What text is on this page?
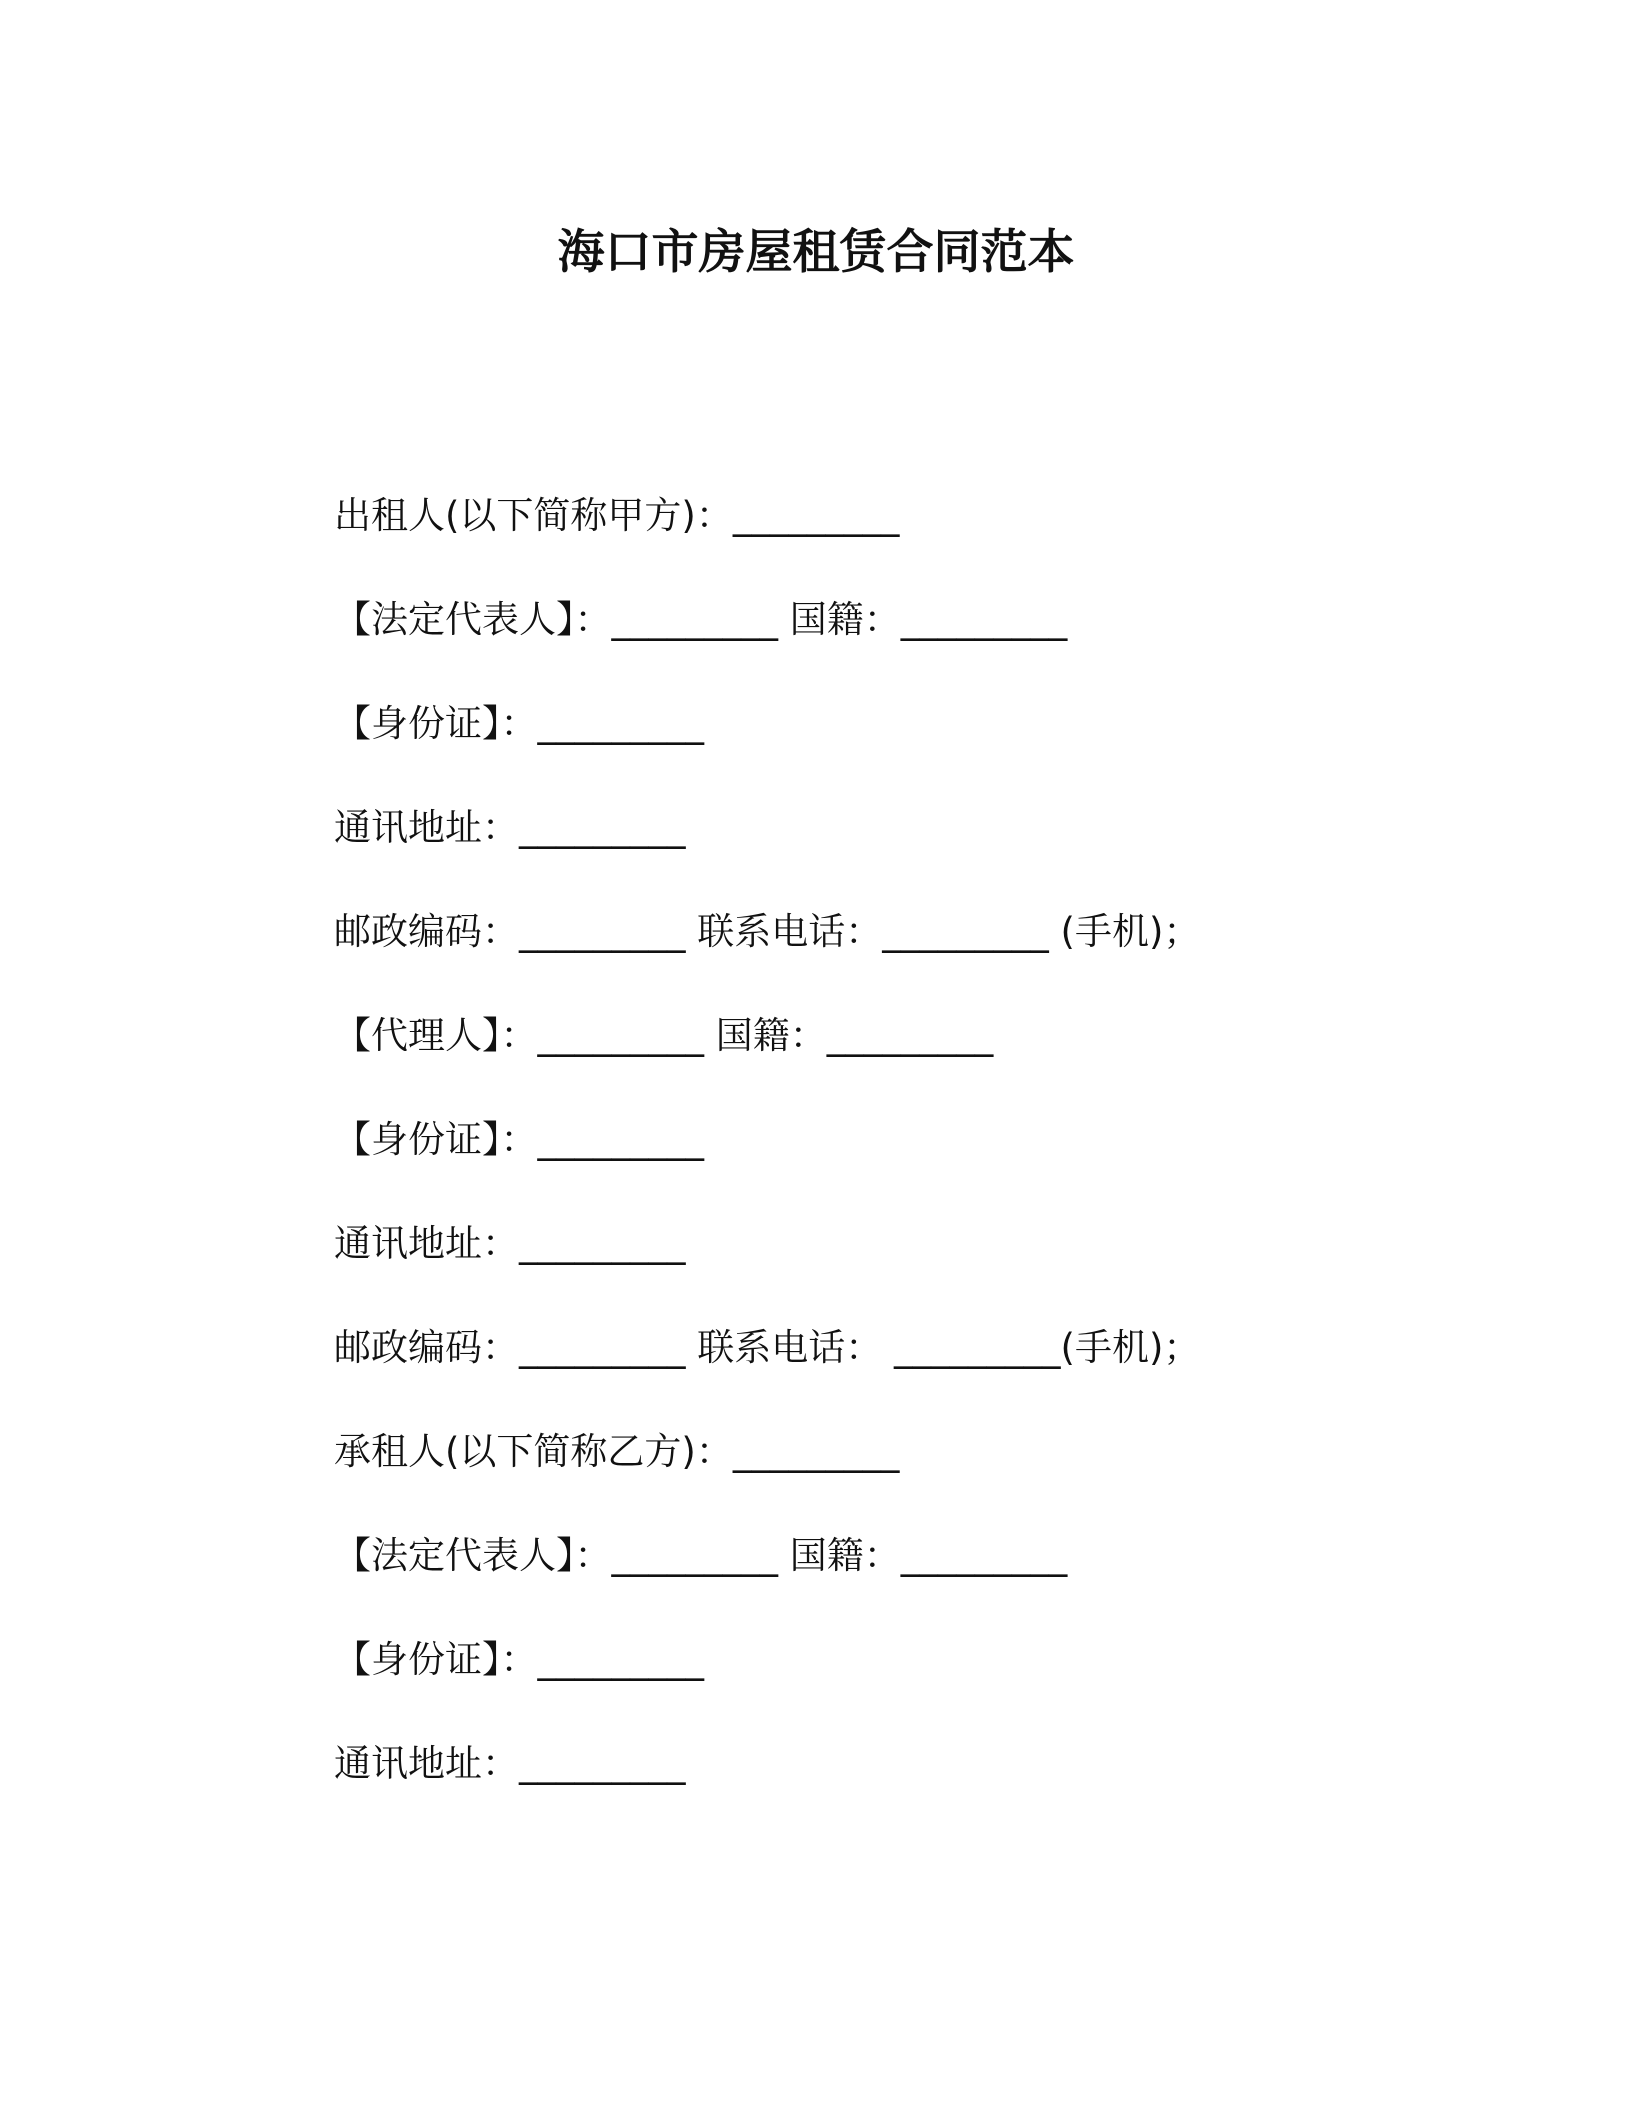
海口市房屋租赁合同范本
出租人(以下简称甲方)：_________
【法定代表人】：_________ 国籍：_________
【身份证】：_________
通讯地址：_________
邮政编码：_________ 联系电话：_________ (手机)；
【代理人】：_________ 国籍：_________
【身份证】：_________
通讯地址：_________
邮政编码：_________ 联系电话： _________(手机)；
承租人(以下简称乙方)：_________
【法定代表人】：_________ 国籍：_________
【身份证】：_________
通讯地址：_________
